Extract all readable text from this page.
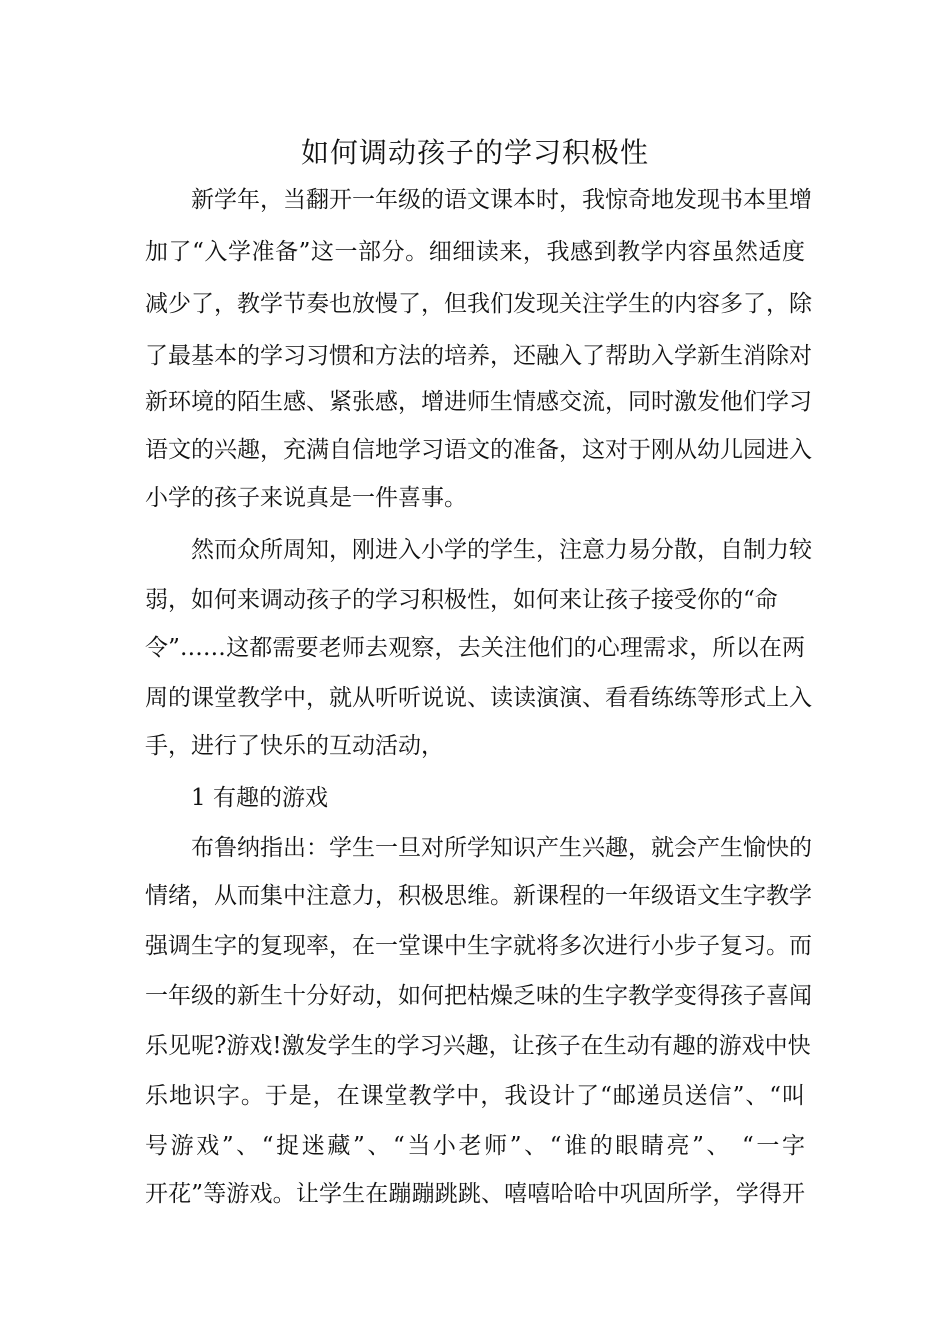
如何调动孩子的学习积极性

新学年，当翻开一年级的语文课本时，我惊奇地发现书本里增

加了“入学准备”这一部分。细细读来，我感到教学内容虽然适度

减少了，教学节奏也放慢了，但我们发现关注学生的内容多了，除

了最基本的学习习惯和方法的培养，还融入了帮助入学新生消除对

新环境的陌生感、紧张感，增进师生情感交流，同时激发他们学习

语文的兴趣，充满自信地学习语文的准备，这对于刚从幼儿园进入

小学的孩子来说真是一件喜事。

然而众所周知，刚进入小学的学生，注意力易分散，自制力较

弱，如何来调动孩子的学习积极性，如何来让孩子接受你的“命

令”……这都需要老师去观察，去关注他们的心理需求，所以在两

周的课堂教学中，就从听听说说、读读演演、看看练练等形式上入

手，进行了快乐的互动活动，

1 有趣的游戏

布鲁纳指出：学生一旦对所学知识产生兴趣，就会产生愉快的

情绪，从而集中注意力，积极思维。新课程的一年级语文生字教学

强调生字的复现率，在一堂课中生字就将多次进行小步子复习。而

一年级的新生十分好动，如何把枯燥乏味的生字教学变得孩子喜闻

乐见呢?游戏!激发学生的学习兴趣，让孩子在生动有趣的游戏中快

乐地识字。于是，在课堂教学中，我设计了“邮递员送信”、“叫

号游戏”、“捉迷藏”、“当小老师”、“谁的眼睛亮”、 “一字

开花”等游戏。让学生在蹦蹦跳跳、嘻嘻哈哈中巩固所学，学得开
